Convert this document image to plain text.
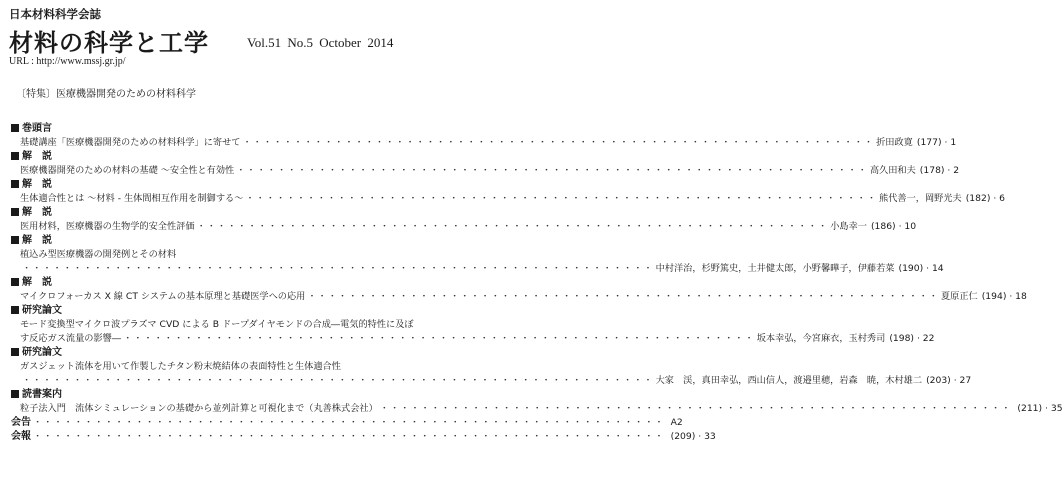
日本材料科学会誌
材料の科学と工学	Vol.51 No.5 October 2014
URL : http://www.mssj.gr.jp/
〔特集〕医療機器開発のための材料科学
巻頭言
基礎講座「医療機器開発のための材料科学」に寄せて ・・・・・・・・・・・・・・・・・・・・・・・・・・・・・・・・・・・・・・・・・・・・・・・・・・・・・・・・・・・・・・	折田政寛 (177) · 1
解　説
医療機器開発のための材料の基礎 ～安全性と有効性 ・・・・・・・・・・・・・・・・・・・・・・・・・・・・・・・・・・・・・・・・・・・・・・・・・・・・・・・・・・・・・・	高久田和夫 (178) · 2
解　説
生体適合性とは ～材料 - 生体間相互作用を制御する～ ・・・・・・・・・・・・・・・・・・・・・・・・・・・・・・・・・・・・・・・・・・・・・・・・・・・・・・・・・・・・・・	熊代善一，岡野光夫 (182) · 6
解　説
医用材料，医療機器の生物学的安全性評価 ・・・・・・・・・・・・・・・・・・・・・・・・・・・・・・・・・・・・・・・・・・・・・・・・・・・・・・・・・・・・・・	小島幸一 (186) · 10
解　説
植込み型医療機器の開発例とその材料
・・・・・・・・・・・・・・・・・・・・・・・・・・・・・・・・・・・・・・・・・・・・・・・・・・・・・・・・・・・・・・
中村洋治，杉野篤史，土井健太郎，小野馨曄子，伊藤若菜 (190) · 14
解　説
マイクロフォーカス X 線 CT システムの基本原理と基礎医学への応用 ・・・・・・・・・・・・・・・・・・・・・・・・・・・・・・・・・・・・・・・・・・・・・・・・・・・・・・・・・・・・・・	夏原正仁 (194) · 18
研究論文
モード変換型マイクロ波プラズマ CVD による B ドープダイヤモンドの合成―電気的特性に及ぼ
す反応ガス流量の影響― ・・・・・・・・・・・・・・・・・・・・・・・・・・・・・・・・・・・・・・・・・・・・・・・・・・・・・・・・・・・・・・	坂本幸弘，今宮麻衣，玉村秀司 (198) · 22
研究論文
ガスジェット流体を用いて作製したチタン粉末焼結体の表面特性と生体適合性
・・・・・・・・・・・・・・・・・・・・・・・・・・・・・・・・・・・・・・・・・・・・・・・・・・・・・・・・・・・・・・
大家　渓，真田幸弘，西山信人，渡邉里穂，岩森　暁，木村雄二 (203) · 27
読書案内
粒子法入門　流体シミュレーションの基礎から並列計算と可視化まで（丸善株式会社） ・・・・・・・・・・・・・・・・・・・・・・・・・・・・・・・・・・・・・・・・・・・・・・・・・・・・・・・・・・・・・・	(211) · 35
会告 ・・・・・・・・・・・・・・・・・・・・・・・・・・・・・・・・・・・・・・・・・・・・・・・・・・・・・・・・・・・・・・	A2
会報 ・・・・・・・・・・・・・・・・・・・・・・・・・・・・・・・・・・・・・・・・・・・・・・・・・・・・・・・・・・・・・・	(209) · 33
